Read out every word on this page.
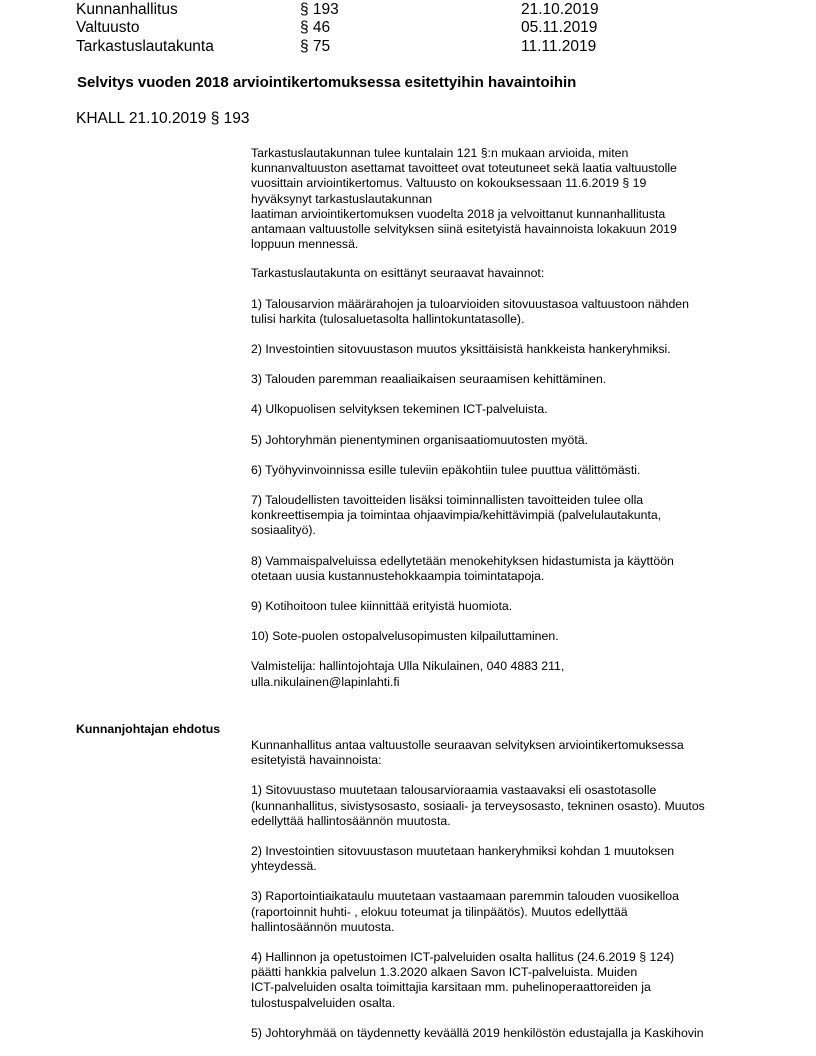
Kunnanhallitus	§ 193	21.10.2019
Valtuusto	§ 46	05.11.2019
Tarkastuslautakunta	§ 75	11.11.2019
Selvitys vuoden 2018 arviointikertomuksessa esitettyihin havaintoihin
KHALL 21.10.2019 § 193

Tarkastuslautakunnan tulee kuntalain 121 §:n mukaan arvioida, miten
kunnanvaltuuston asettamat tavoitteet ovat toteutuneet sekä laatia valtuustolle
vuosittain arviointikertomus. Valtuusto on kokouksessaan 11.6.2019 § 19
hyväksynyt tarkastuslautakunnan
laatiman arviointikertomuksen vuodelta 2018 ja velvoittanut kunnanhallitusta
antamaan valtuustolle selvityksen siinä esitetyistä havainnoista lokakuun 2019
loppuun mennessä.

Tarkastuslautakunta on esittänyt seuraavat havainnot:

1) Talousarvion määrärahojen ja tuloarvioiden sitovuustasoa valtuustoon nähden
tulisi harkita (tulosaluetasolta hallintokuntatasolle).

2) Investointien sitovuustason muutos yksittäisistä hankkeista hankeryhmiksi.

3) Talouden paremman reaaliaikaisen seuraamisen kehittäminen.

4) Ulkopuolisen selvityksen tekeminen ICT-palveluista.

5) Johtoryhmän pienentyminen organisaatiomuutosten myötä.

6) Työhyvinvoinnissa esille tuleviin epäkohtiin tulee puuttua välittömästi.

7) Taloudellisten tavoitteiden lisäksi toiminnallisten tavoitteiden tulee olla
konkreettisempia ja toimintaa ohjaavimpia/kehittävimpiä (palvelulautakunta,
sosiaalityö).

8) Vammaispalveluissa edellytetään menokehityksen hidastumista ja käyttöön
otetaan uusia kustannustehokkaampia toimintatapoja.

9) Kotihoitoon tulee kiinnittää erityistä huomiota.

10) Sote-puolen ostopalvelusopimusten kilpailuttaminen.

Valmistelija: hallintojohtaja Ulla Nikulainen, 040 4883 211,
ulla.nikulainen@lapinlahti.fi

Kunnanjohtajan ehdotus

Kunnanhallitus antaa valtuustolle seuraavan selvityksen arviointikertomuksessa
esitetyistä havainnoista:

1) Sitovuustaso muutetaan talousarvioraamia vastaavaksi eli osastotasolle
(kunnanhallitus, sivistysosasto, sosiaali- ja terveysosasto, tekninen osasto). Muutos
edellyttää hallintosäännön muutosta.

2) Investointien sitovuustason muutetaan hankeryhmiksi kohdan 1 muutoksen
yhteydessä.

3) Raportointiaikataulu muutetaan vastaamaan paremmin talouden vuosikelloa
(raportoinnit huhti- , elokuu toteumat ja tilinpäätös). Muutos edellyttää
hallintosäännön muutosta.

4) Hallinnon ja opetustoimen ICT-palveluiden osalta hallitus (24.6.2019 § 124)
päätti hankkia palvelun 1.3.2020 alkaen Savon ICT-palveluista. Muiden
ICT-palveluiden osalta toimittajia karsitaan mm. puhelinoperaattoreiden ja
tulostuspalveluiden osalta.

5) Johtoryhmää on täydennetty keväällä 2019 henkilöstön edustajalla ja Kaskihovin
